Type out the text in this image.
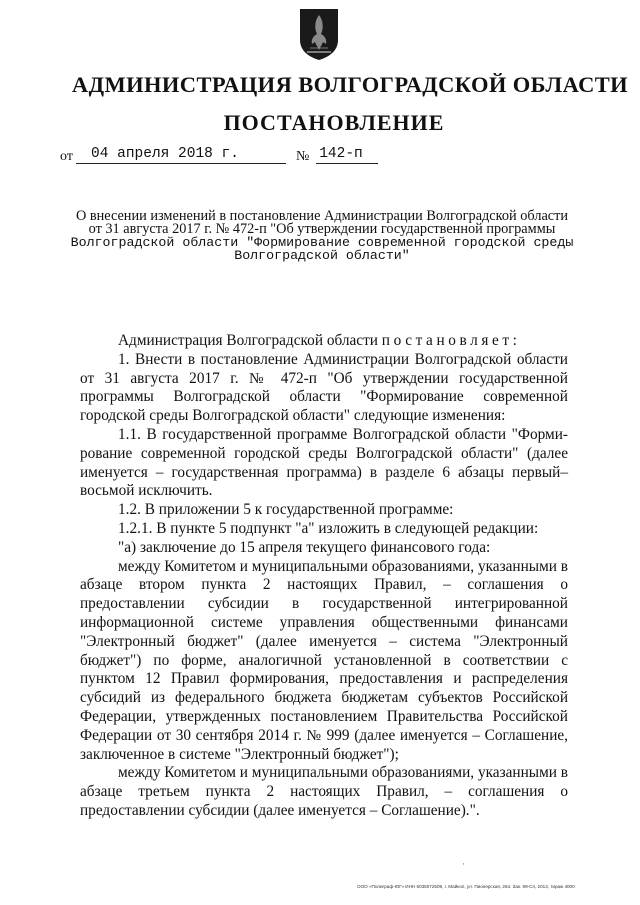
АДМИНИСТРАЦИЯ ВОЛГОГРАДСКОЙ ОБЛАСТИ
ПОСТАНОВЛЕНИЕ
от	04 апреля 2018 г.	№ 142-п
О внесении изменений в постановление Администрации Волгоградской области
от 31 августа 2017 г. № 472-п "Об утверждении государственной программы
Волгоградской области "Формирование современной городской среды
Волгоградской области"

Администрация Волгоградской области постановляет:

1. Внести в постановление Администрации Волгоградской области от 31 августа 2017 г. № 472-п "Об утверждении государственной программы Волгоградской области "Формирование современной городской среды Волгоградской области" следующие изменения:

1.1. В государственной программе Волгоградской области "Формирование современной городской среды Волгоградской области" (далее именуется – государственная программа) в разделе 6 абзацы первый–восьмой исключить.

1.2. В приложении 5 к государственной программе:

1.2.1. В пункте 5 подпункт "а" изложить в следующей редакции:

"а) заключение до 15 апреля текущего финансового года:

между Комитетом и муниципальными образованиями, указанными в абзаце втором пункта 2 настоящих Правил, – соглашения о предоставлении субсидии в государственной интегрированной информационной системе управления общественными финансами "Электронный бюджет" (далее именуется – система "Электронный бюджет") по форме, аналогичной установленной в соответствии с пунктом 12 Правил формирования, предоставления и распределения субсидий из федерального бюджета бюджетам субъектов Российской Федерации, утвержденных постановлением Правительства Российской Федерации от 30 сентября 2014 г. № 999 (далее именуется – Соглашение, заключенное в системе "Электронный бюджет");

между Комитетом и муниципальными образованиями, указанными в абзаце третьем пункта 2 настоящих Правил, – соглашения о предоставлении субсидии (далее именуется – Соглашение).".

·
ООО «Полиграф-ЮГ» ИНН 6035072509, г. Майкоп, ул. Пионерская, 264. Зак. 99-Сп, 2013, тираж 4000
